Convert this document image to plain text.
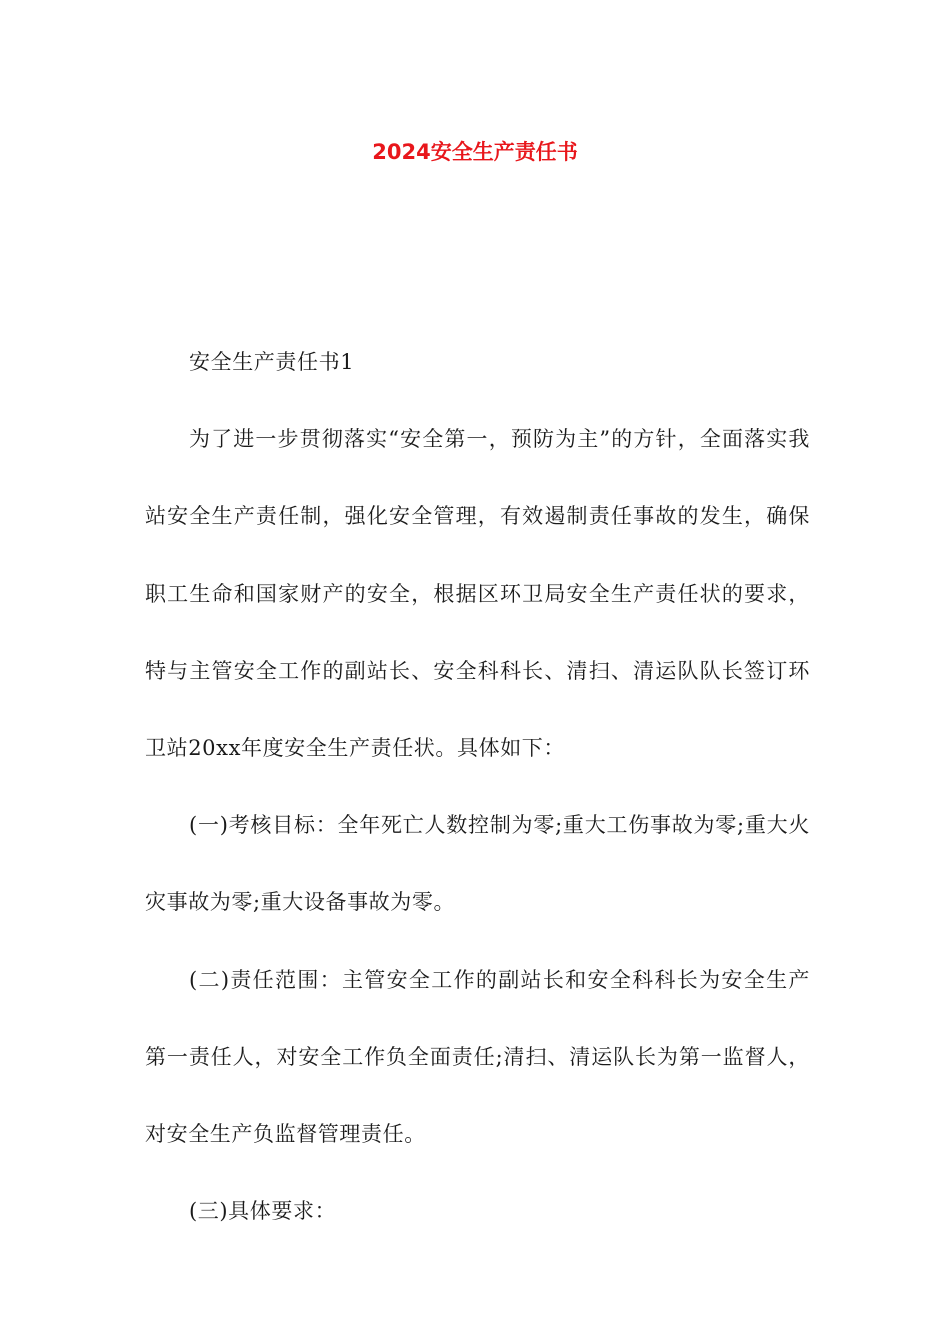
2024安全生产责任书

安全生产责任书1

为了进一步贯彻落实“安全第一，预防为主”的方针，全面落实我站安全生产责任制，强化安全管理，有效遏制责任事故的发生，确保职工生命和国家财产的安全，根据区环卫局安全生产责任状的要求，特与主管安全工作的副站长、安全科科长、清扫、清运队队长签订环卫站20xx年度安全生产责任状。具体如下：

(一)考核目标：全年死亡人数控制为零;重大工伤事故为零;重大火灾事故为零;重大设备事故为零。

(二)责任范围：主管安全工作的副站长和安全科科长为安全生产第一责任人，对安全工作负全面责任;清扫、清运队长为第一监督人，对安全生产负监督管理责任。

(三)具体要求：
